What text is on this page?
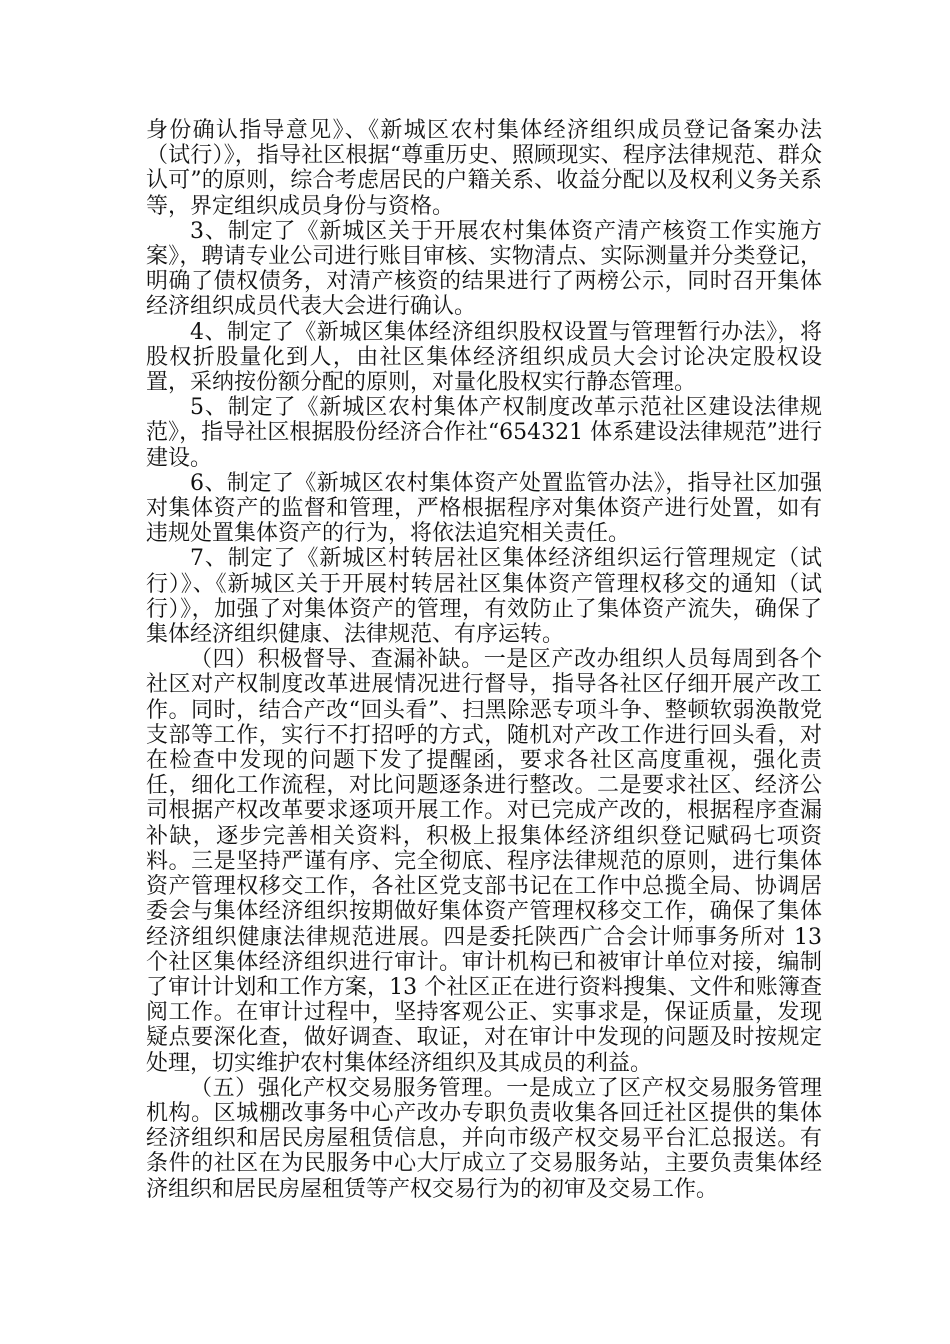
身份确认指导意见》、《新城区农村集体经济组织成员登记备案办法（试行）》，指导社区根据“尊重历史、照顾现实、程序法律规范、群众认可”的原则，综合考虑居民的户籍关系、收益分配以及权利义务关系等，界定组织成员身份与资格。

3、制定了《新城区关于开展农村集体资产清产核资工作实施方案》，聘请专业公司进行账目审核、实物清点、实际测量并分类登记，明确了债权债务，对清产核资的结果进行了两榜公示，同时召开集体经济组织成员代表大会进行确认。

4、制定了《新城区集体经济组织股权设置与管理暂行办法》，将股权折股量化到人，由社区集体经济组织成员大会讨论决定股权设置，采纳按份额分配的原则，对量化股权实行静态管理。

5、制定了《新城区农村集体产权制度改革示范社区建设法律规范》，指导社区根据股份经济合作社“654321 体系建设法律规范”进行建设。

6、制定了《新城区农村集体资产处置监管办法》，指导社区加强对集体资产的监督和管理，严格根据程序对集体资产进行处置，如有违规处置集体资产的行为，将依法追究相关责任。

7、制定了《新城区村转居社区集体经济组织运行管理规定（试行）》、《新城区关于开展村转居社区集体资产管理权移交的通知（试行）》，加强了对集体资产的管理，有效防止了集体资产流失，确保了集体经济组织健康、法律规范、有序运转。

（四）积极督导、查漏补缺。一是区产改办组织人员每周到各个社区对产权制度改革进展情况进行督导，指导各社区仔细开展产改工作。同时，结合产改“回头看”、扫黑除恶专项斗争、整顿软弱涣散党支部等工作，实行不打招呼的方式，随机对产改工作进行回头看，对在检查中发现的问题下发了提醒函，要求各社区高度重视，强化责任，细化工作流程，对比问题逐条进行整改。二是要求社区、经济公司根据产权改革要求逐项开展工作。对已完成产改的，根据程序查漏补缺，逐步完善相关资料，积极上报集体经济组织登记赋码七项资料。三是坚持严谨有序、完全彻底、程序法律规范的原则，进行集体资产管理权移交工作，各社区党支部书记在工作中总揽全局、协调居委会与集体经济组织按期做好集体资产管理权移交工作，确保了集体经济组织健康法律规范进展。四是委托陕西广合会计师事务所对 13 个社区集体经济组织进行审计。审计机构已和被审计单位对接，编制了审计计划和工作方案，13 个社区正在进行资料搜集、文件和账簿查阅工作。在审计过程中，坚持客观公正、实事求是，保证质量，发现疑点要深化查，做好调查、取证，对在审计中发现的问题及时按规定处理，切实维护农村集体经济组织及其成员的利益。

（五）强化产权交易服务管理。一是成立了区产权交易服务管理机构。区城棚改事务中心产改办专职负责收集各回迁社区提供的集体经济组织和居民房屋租赁信息，并向市级产权交易平台汇总报送。有条件的社区在为民服务中心大厅成立了交易服务站，主要负责集体经济组织和居民房屋租赁等产权交易行为的初审及交易工作。
